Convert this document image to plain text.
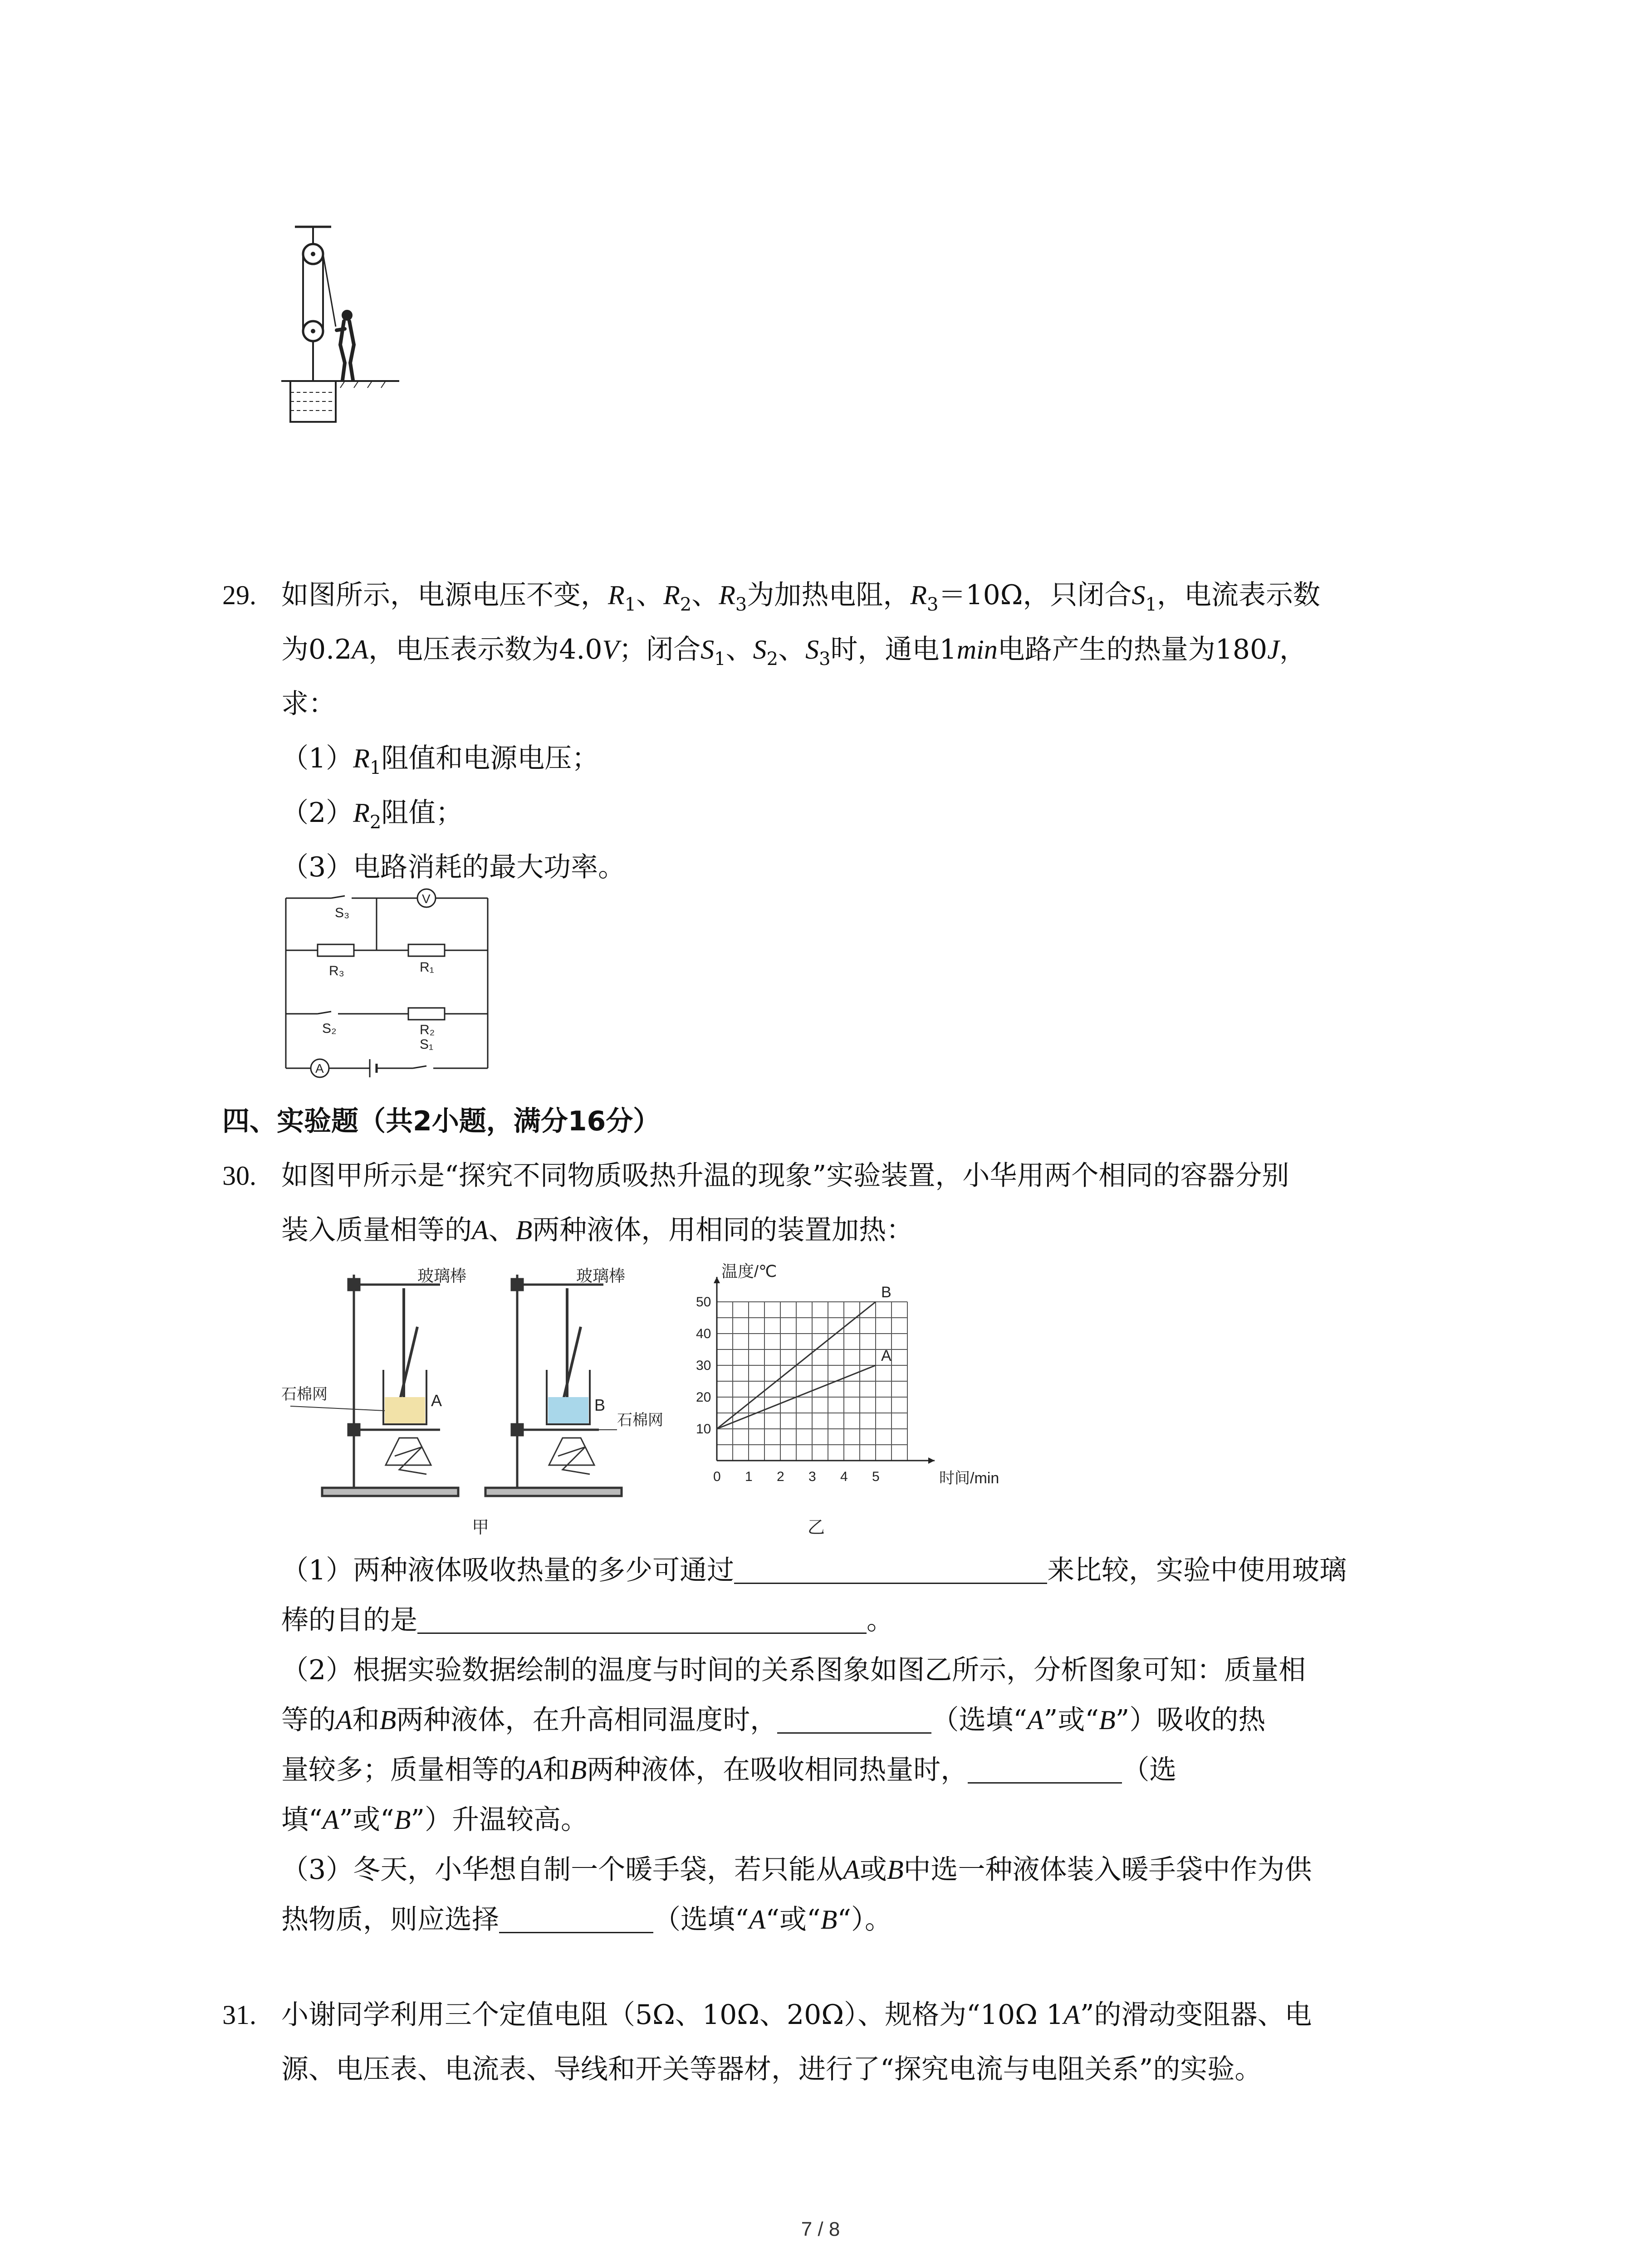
29. 如图所示，电源电压不变，$R_1$、$R_2$、$R_3$为加热电阻，$R_3=10\Omega$，只闭合$S_1$，电流表示数
为0.2A，电压表示数为4.0V；闭合$S_1$、$S_2$、$S_3$时，通电1min电路产生的热量为180J，
求：
$(1)R_1$阻值和电源电压；
$(2)R_2$阻值；
（3）电路消耗的最大功率。
S₃
V
R₃	R₁
S₂	R₂
A
S₁
四、实验题（共2小题，满分16分）
30. 如图甲所示是“探究不同物质吸热升温的现象”实验装置，小华用两个相同的容器分别
装入质量相等的A、B两种液体，用相同的装置加热：
玻璃棒	玻璃棒
石棉网
石棉网
A	B
甲
B
A
0 1 2 3 4 5
10
20
30
40
50
温度/℃
时间/min
乙
（1）两种液体吸收热量的多少可通过	来比较，实验中使用玻璃
棒的目的是	。
（2）根据实验数据绘制的温度与时间的关系图象如图乙所示，分析图象可知：质量相
等的A和B两种液体，在升高相同温度时，	（选填“A”或“B”）吸收的热
量较多；质量相等的A和B两种液体，在吸收相同热量时，	（选
填“A”或“B”）升温较高。
（3）冬天，小华想自制一个暖手袋，若只能从A或B中选一种液体装入暖手袋中作为供
热物质，则应选择	（选填“A“或“B“）。
31. 小谢同学利用三个定值电阻（5Ω、10Ω、20Ω）、规格为“10Ω 1A”的滑动变阻器、电
源、电压表、电流表、导线和开关等器材，进行了“探究电流与电阻关系”的实验。
7 / 8
